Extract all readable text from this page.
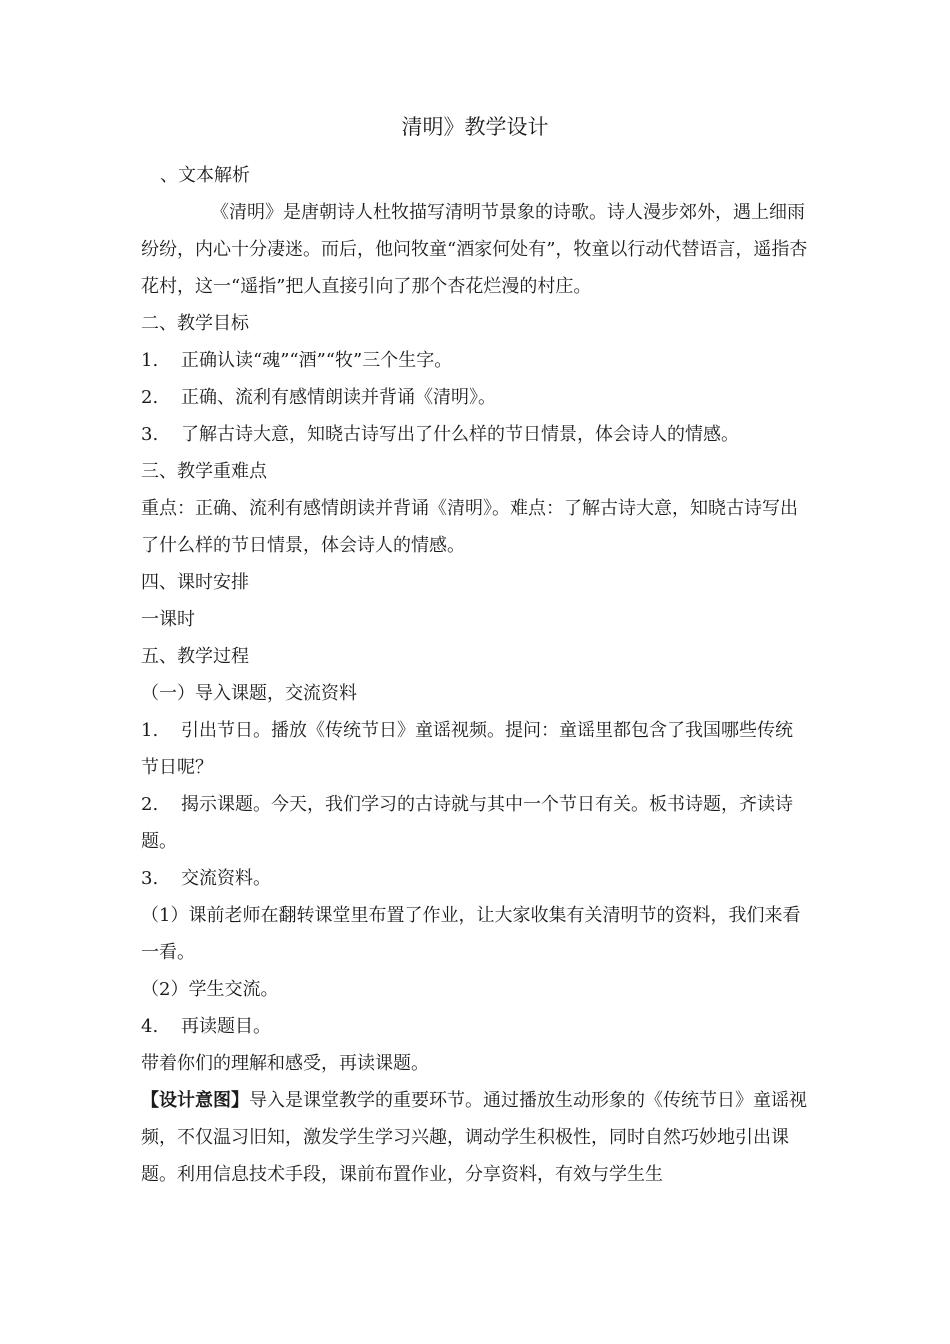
清明》教学设计

、文本解析

《清明》是唐朝诗人杜牧描写清明节景象的诗歌。诗人漫步郊外，遇上细雨纷纷，内心十分凄迷。而后，他问牧童“酒家何处有”，牧童以行动代替语言，遥指杏花村，这一“遥指”把人直接引向了那个杏花烂漫的村庄。

二、教学目标

1. 正确认读“魂”“酒”“牧”三个生字。

2. 正确、流利有感情朗读并背诵《清明》。

3. 了解古诗大意，知晓古诗写出了什么样的节日情景，体会诗人的情感。

三、教学重难点

重点：正确、流利有感情朗读并背诵《清明》。难点：了解古诗大意，知晓古诗写出了什么样的节日情景，体会诗人的情感。

四、课时安排

一课时

五、教学过程

（一）导入课题，交流资料

1. 引出节日。播放《传统节日》童谣视频。提问：童谣里都包含了我国哪些传统节日呢？

2. 揭示课题。今天，我们学习的古诗就与其中一个节日有关。板书诗题，齐读诗题。

3. 交流资料。

（1）课前老师在翻转课堂里布置了作业，让大家收集有关清明节的资料，我们来看一看。

（2）学生交流。

4. 再读题目。

带着你们的理解和感受，再读课题。

【设计意图】导入是课堂教学的重要环节。通过播放生动形象的《传统节日》童谣视频，不仅温习旧知，激发学生学习兴趣，调动学生积极性，同时自然巧妙地引出课题。利用信息技术手段，课前布置作业，分享资料，有效与学生生
